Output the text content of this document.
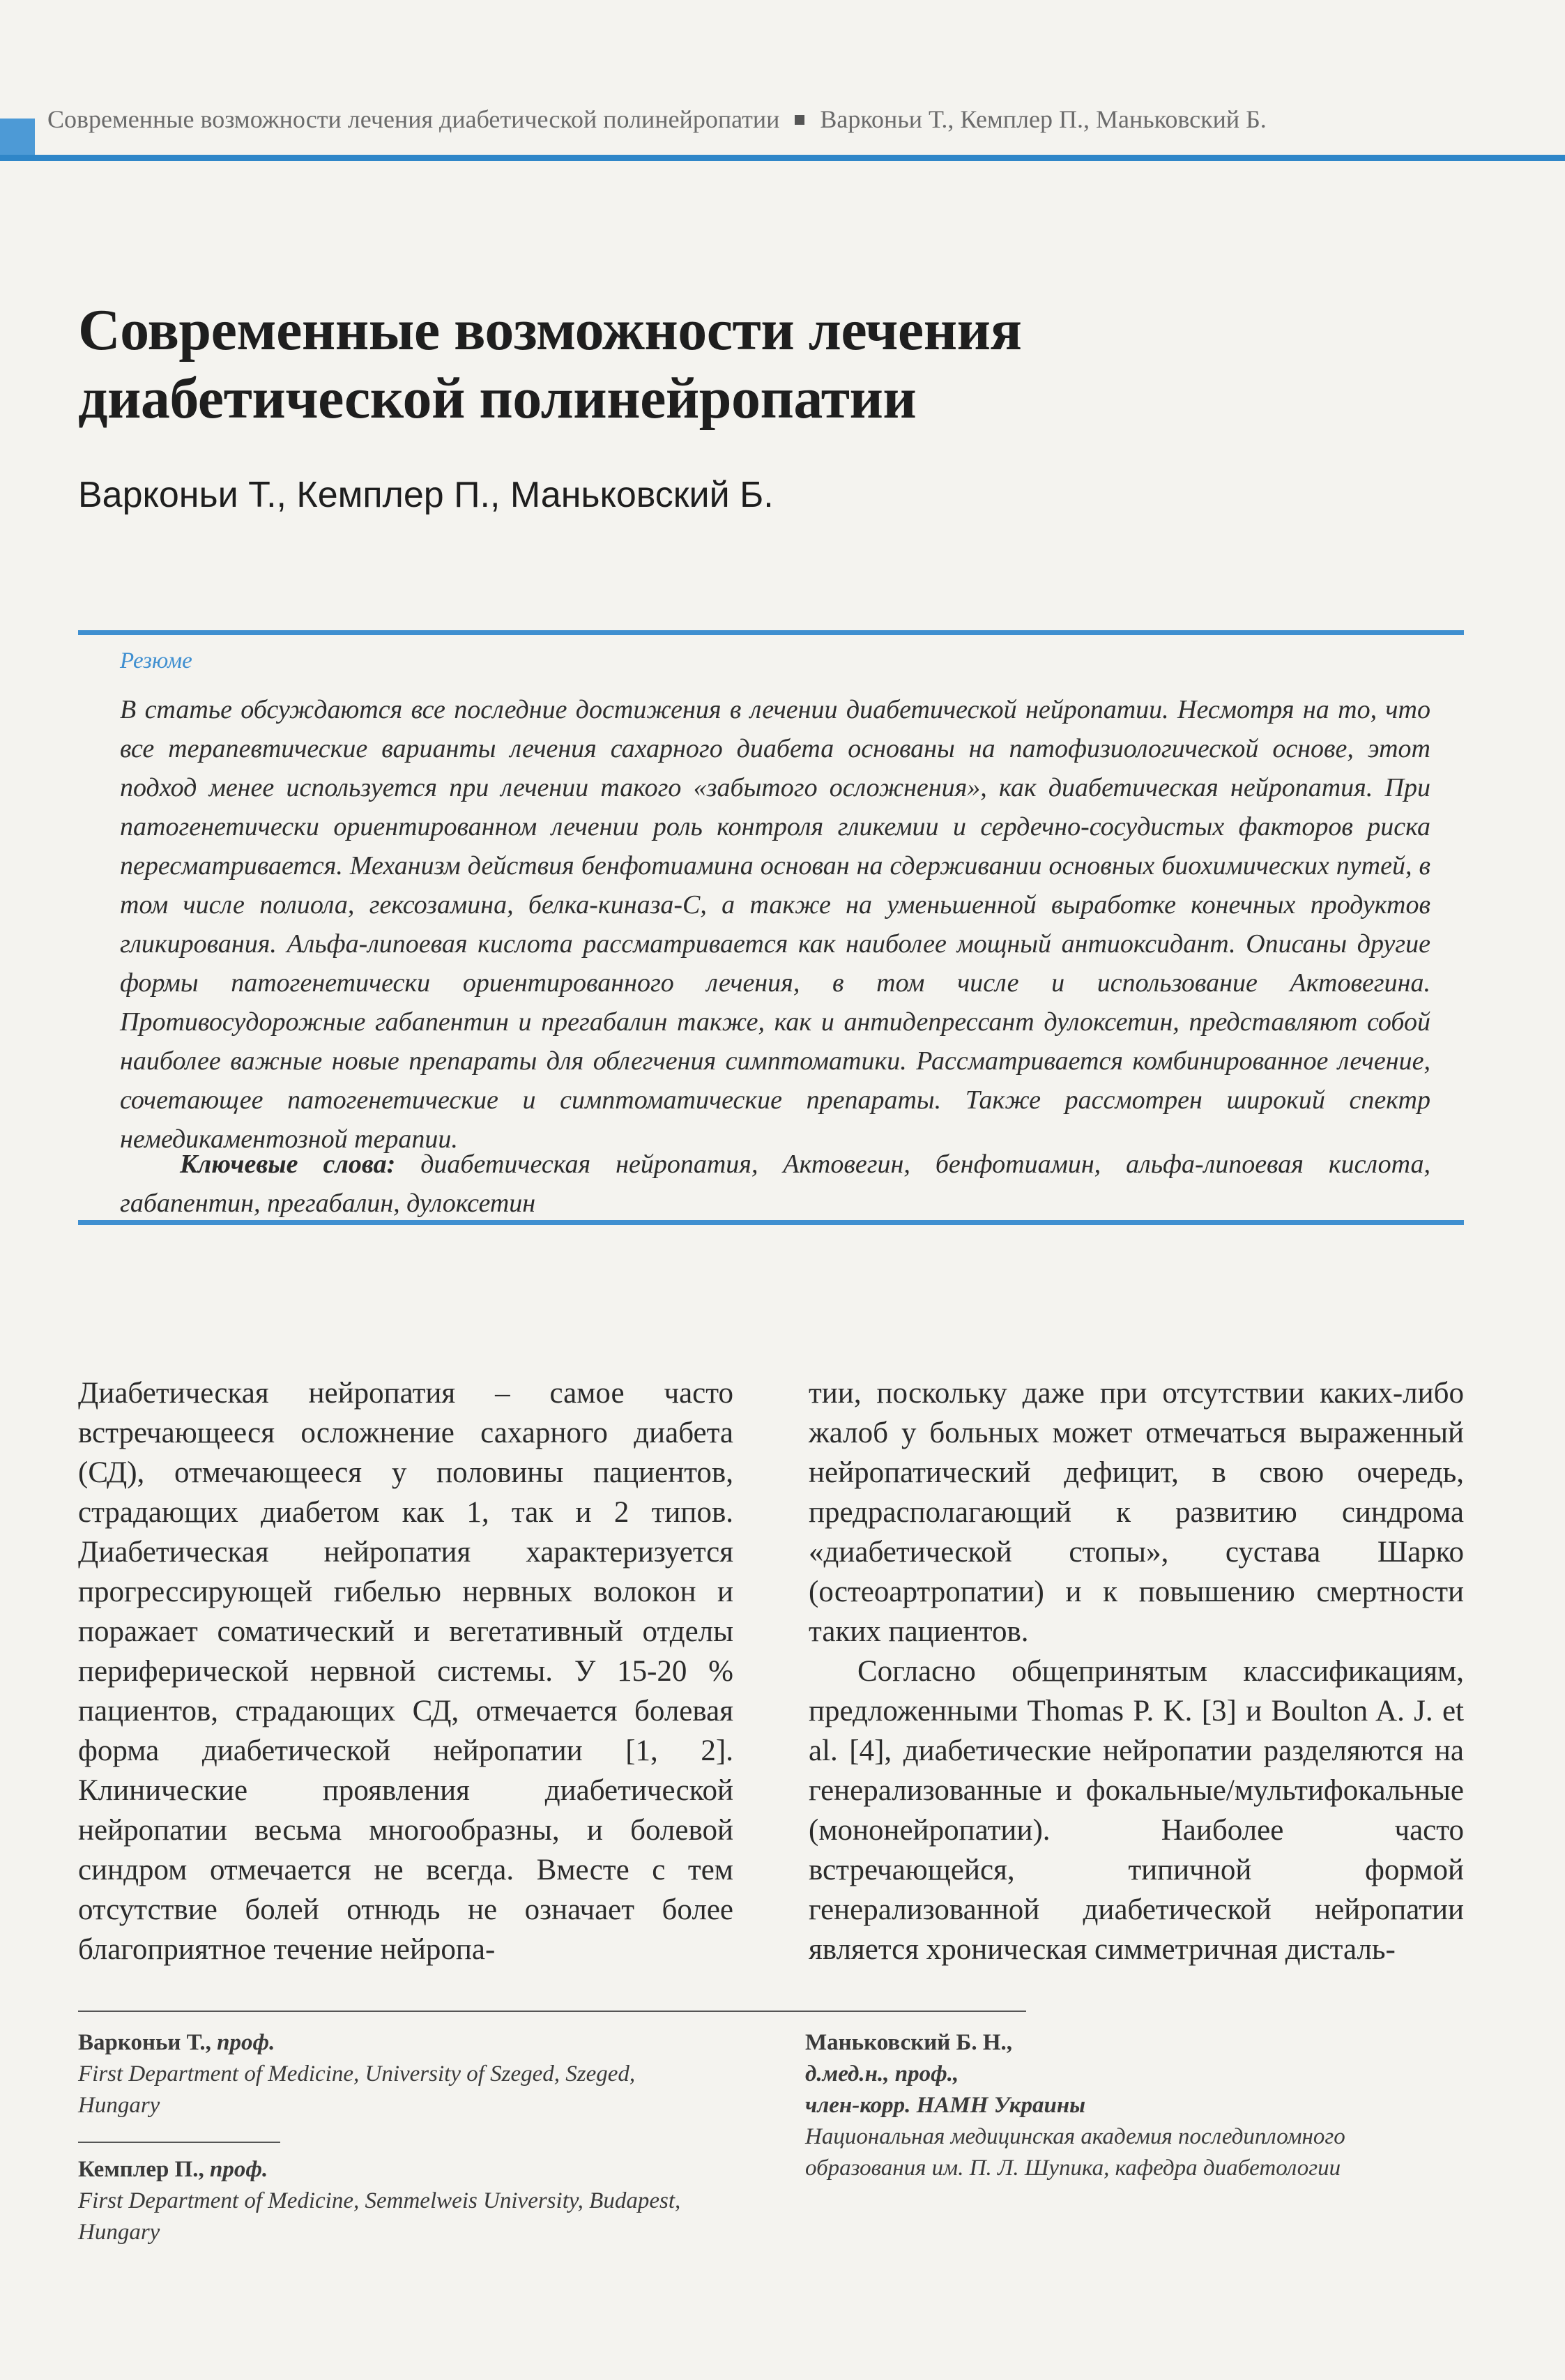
Современные возможности лечения диабетической полинейропатии Варконьи Т., Кемплер П., Маньковский Б.
Современные возможности лечения
диабетической полинейропатии
Варконьи Т., Кемплер П., Маньковский Б.
Резюме
В статье обсуждаются все последние достижения в лечении диабетической нейропатии. Несмотря на то, что все терапевтические варианты лечения сахарного диабета основаны на патофизиологической основе, этот подход менее используется при лечении такого «забытого осложнения», как диабетическая нейропатия. При патогенетически ориентированном лечении роль контроля гликемии и сердечно-сосудистых факторов риска пересматривается. Механизм действия бенфотиамина основан на сдерживании основных биохимических путей, в том числе полиола, гексозамина, белка-киназа-С, а также на уменьшенной выработке конечных продуктов гликирования. Альфа-липоевая кислота рассматривается как наиболее мощный антиоксидант. Описаны другие формы патогенетически ориентированного лечения, в том числе и использование Актовегина. Противосудорожные габапентин и прегабалин также, как и антидепрессант дулоксетин, представляют собой наиболее важные новые препараты для облегчения симптоматики. Рассматривается комбинированное лечение, сочетающее патогенетические и симптоматические препараты. Также рассмотрен широкий спектр немедикаментозной терапии.
Ключевые слова: диабетическая нейропатия, Актовегин, бенфотиамин, альфа-липоевая кислота, габапентин, прегабалин, дулоксетин

Диабетическая нейропатия – самое часто встречающееся осложнение сахарного диабета (СД), отмечающееся у половины пациентов, страдающих диабетом как 1, так и 2 типов. Диабетическая нейропатия характеризуется прогрессирующей гибелью нервных волокон и поражает соматический и вегетативный отделы периферической нервной системы. У 15-20 % пациентов, страдающих СД, отмечается болевая форма диабетической нейропатии [1, 2]. Клинические проявления диабетической нейропатии весьма многообразны, и болевой синдром отмечается не всегда. Вместе с тем отсутствие болей отнюдь не означает более благоприятное течение нейропа-

тии, поскольку даже при отсутствии каких-либо жалоб у больных может отмечаться выраженный нейропатический дефицит, в свою очередь, предрасполагающий к развитию синдрома «диабетической стопы», сустава Шарко (остеоартропатии) и к повышению смертности таких пациентов.

Согласно общепринятым классификациям, предложенными Thomas P. K. [3] и Boulton A. J. et al. [4], диабетические нейропатии разделяются на генерализованные и фокальные/мультифокальные (мононейропатии). Наиболее часто встречающейся, типичной формой генерализованной диабетической нейропатии является хроническая симметричная дисталь-

Варконьи Т., проф.
First Department of Medicine, University of Szeged, Szeged, Hungary
Кемплер П., проф.
First Department of Medicine, Semmelweis University, Budapest, Hungary
Маньковский Б. Н.,
д.мед.н., проф.,
член-корр. НАМН Украины
Национальная медицинская академия последипломного образования им. П. Л. Шупика, кафедра диабетологии
